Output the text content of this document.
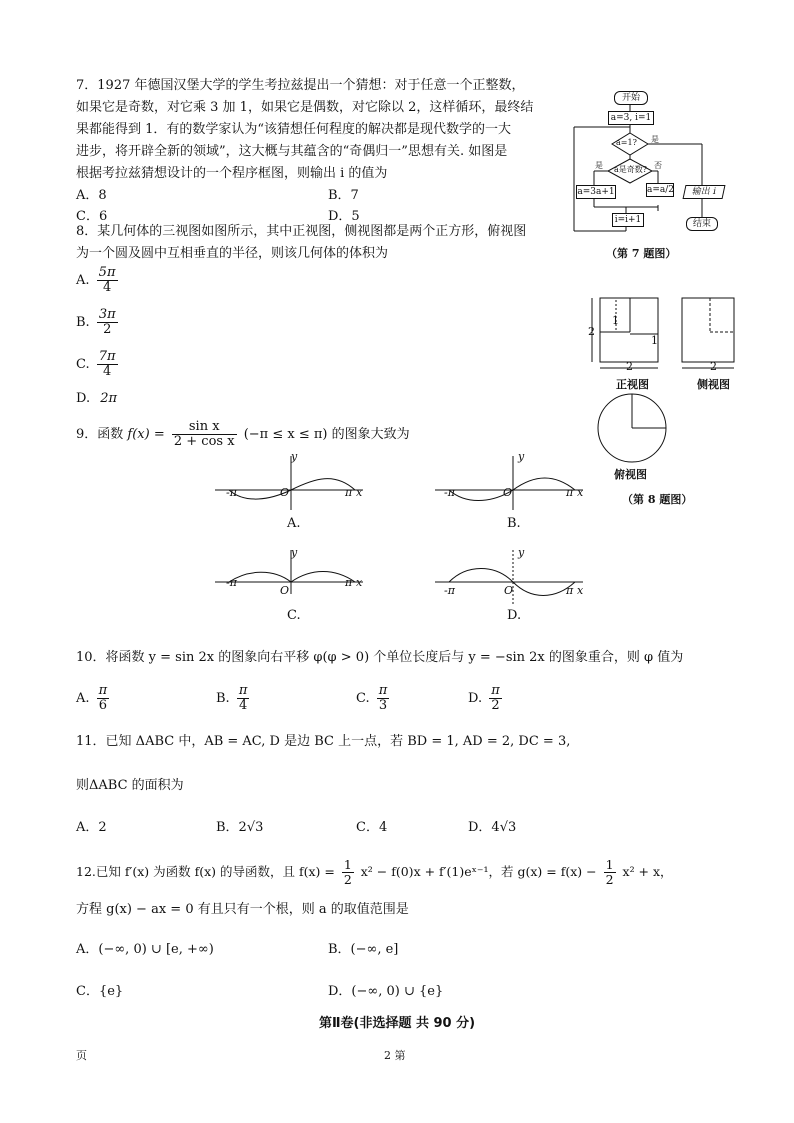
7．1927 年德国汉堡大学的学生考拉兹提出一个猜想：对于任意一个正整数，
如果它是奇数，对它乘 3 加 1，如果它是偶数，对它除以 2，这样循环，最终结
果都能得到 1．有的数学家认为“该猜想任何程度的解决都是现代数学的一大
进步，将开辟全新的领域”，这大概与其蕴含的“奇偶归一”思想有关. 如图是
根据考拉兹猜想设计的一个程序框图，则输出 i 的值为
A．8	B．7
C．6	D．5
开始
a=3, i=1
a=1? 是
a是奇数?
是	否
a=3a+1	a=a/2	输出 i
i=i+1	结束
（第 7 题图）
8．某几何体的三视图如图所示，其中正视图，侧视图都是两个正方形，俯视图
为一个圆及圆中互相垂直的半径，则该几何体的体积为
A. $\frac{5\pi}{4}$
B. $\frac{3\pi}{2}$
C. $\frac{7\pi}{4}$
D. 2π
2
1
1
2	2
正视图	侧视图
俯视图
（第 8 题图）
9．函数 $f(x) = \frac{\text{sin x}}{\text{2 + cos x}} (-\pi \le x \le \pi)$ 的图象大致为
y
O
-π	π x
A.
y
O
-π	π x
B.
y
O
-π	π x
C.
y
O
-π	π x
D.
10．将函数 y = sin 2x 的图象向右平移 φ(φ > 0) 个单位长度后与 y = −sin 2x 的图象重合，则 φ 值为
A. $\frac{\pi}{6}$	B. $\frac{\pi}{4}$	C. $\frac{\pi}{3}$	D. $\frac{\pi}{2}$
11．已知 ΔABC 中，AB = AC, D 是边 BC 上一点，若 BD = 1, AD = 2, DC = 3,
则ΔABC 的面积为
A．2	B．2√3	C．4	D．4√3
12.已知 f′(x) 为函数 f(x) 的导函数，且 $f(x) = \frac{1}{2} x^2 - f(0)x$ + f′(1)eˣ⁻¹，若 $g(x) = f(x) - \frac{1}{2} x^2 + x$，
方程 g(x) − ax = 0 有且只有一个根，则 a 的取值范围是
A．(−∞, 0) ∪ [e, +∞)	B．(−∞, e]
C．{e}	D．(−∞, 0) ∪ {e}
第Ⅱ卷(非选择题 共 90 分)
页	2 第
